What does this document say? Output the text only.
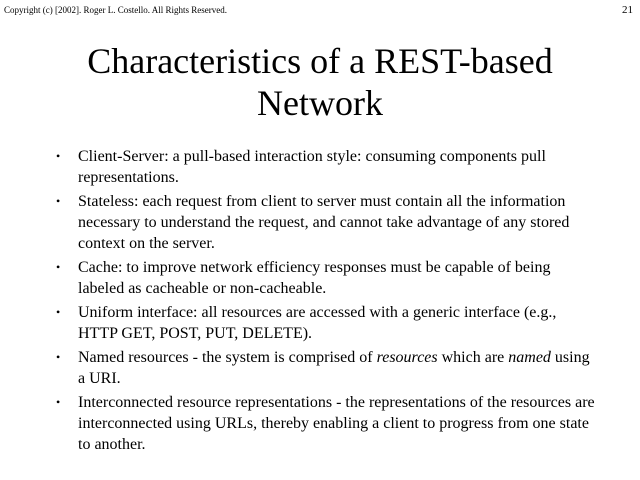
Copyright (c) [2002]. Roger L. Costello. All Rights Reserved.	21
Characteristics of a REST-based
Network
• Client-Server: a pull-based interaction style: consuming components pull representations.
• Stateless: each request from client to server must contain all the information necessary to understand the request, and cannot take advantage of any stored context on the server.
• Cache: to improve network efficiency responses must be capable of being labeled as cacheable or non-cacheable.
• Uniform interface: all resources are accessed with a generic interface (e.g., HTTP GET, POST, PUT, DELETE).
• Named resources - the system is comprised of resources which are named using a URI.
• Interconnected resource representations - the representations of the resources are interconnected using URLs, thereby enabling a client to progress from one state to another.
